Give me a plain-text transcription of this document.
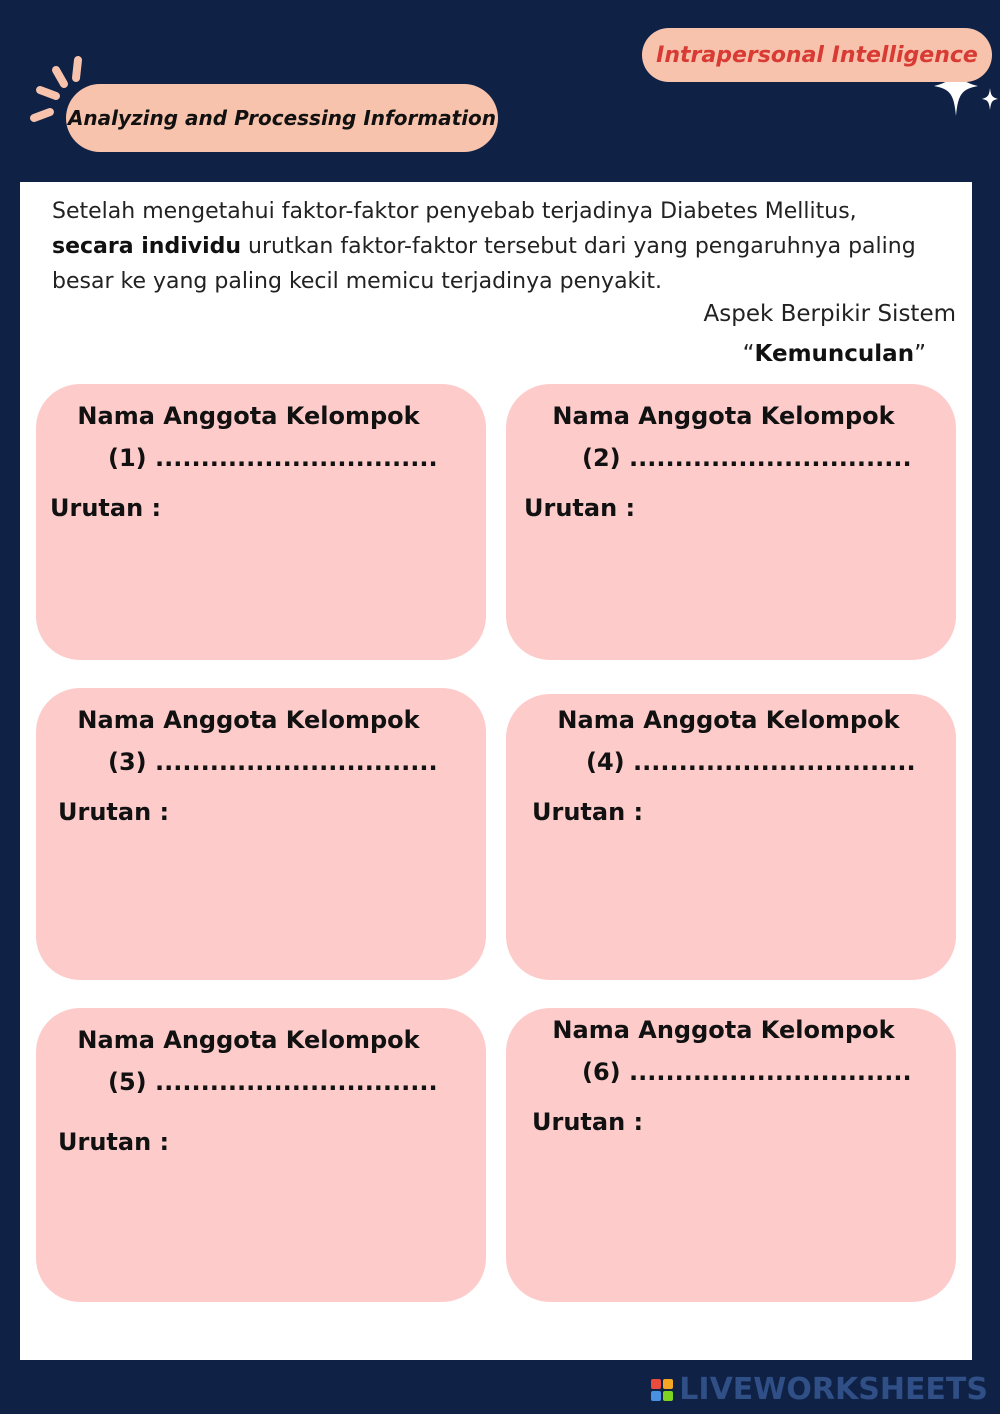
Intrapersonal Intelligence
Analyzing and Processing Information

Setelah mengetahui faktor-faktor penyebab terjadinya Diabetes Mellitus,
secara individu urutkan faktor-faktor tersebut dari yang pengaruhnya paling besar ke yang paling kecil memicu terjadinya penyakit.

Aspek Berpikir Sistem
“Kemunculan”
Nama Anggota Kelompok
(1) ...............................
Urutan :
Nama Anggota Kelompok
(2) ...............................
Urutan :
Nama Anggota Kelompok
(3) ...............................
Urutan :
Nama Anggota Kelompok
(4) ...............................
Urutan :
Nama Anggota Kelompok
(5) ...............................
Urutan :
Nama Anggota Kelompok
(6) ...............................
Urutan :
LIVEWORKSHEETS
